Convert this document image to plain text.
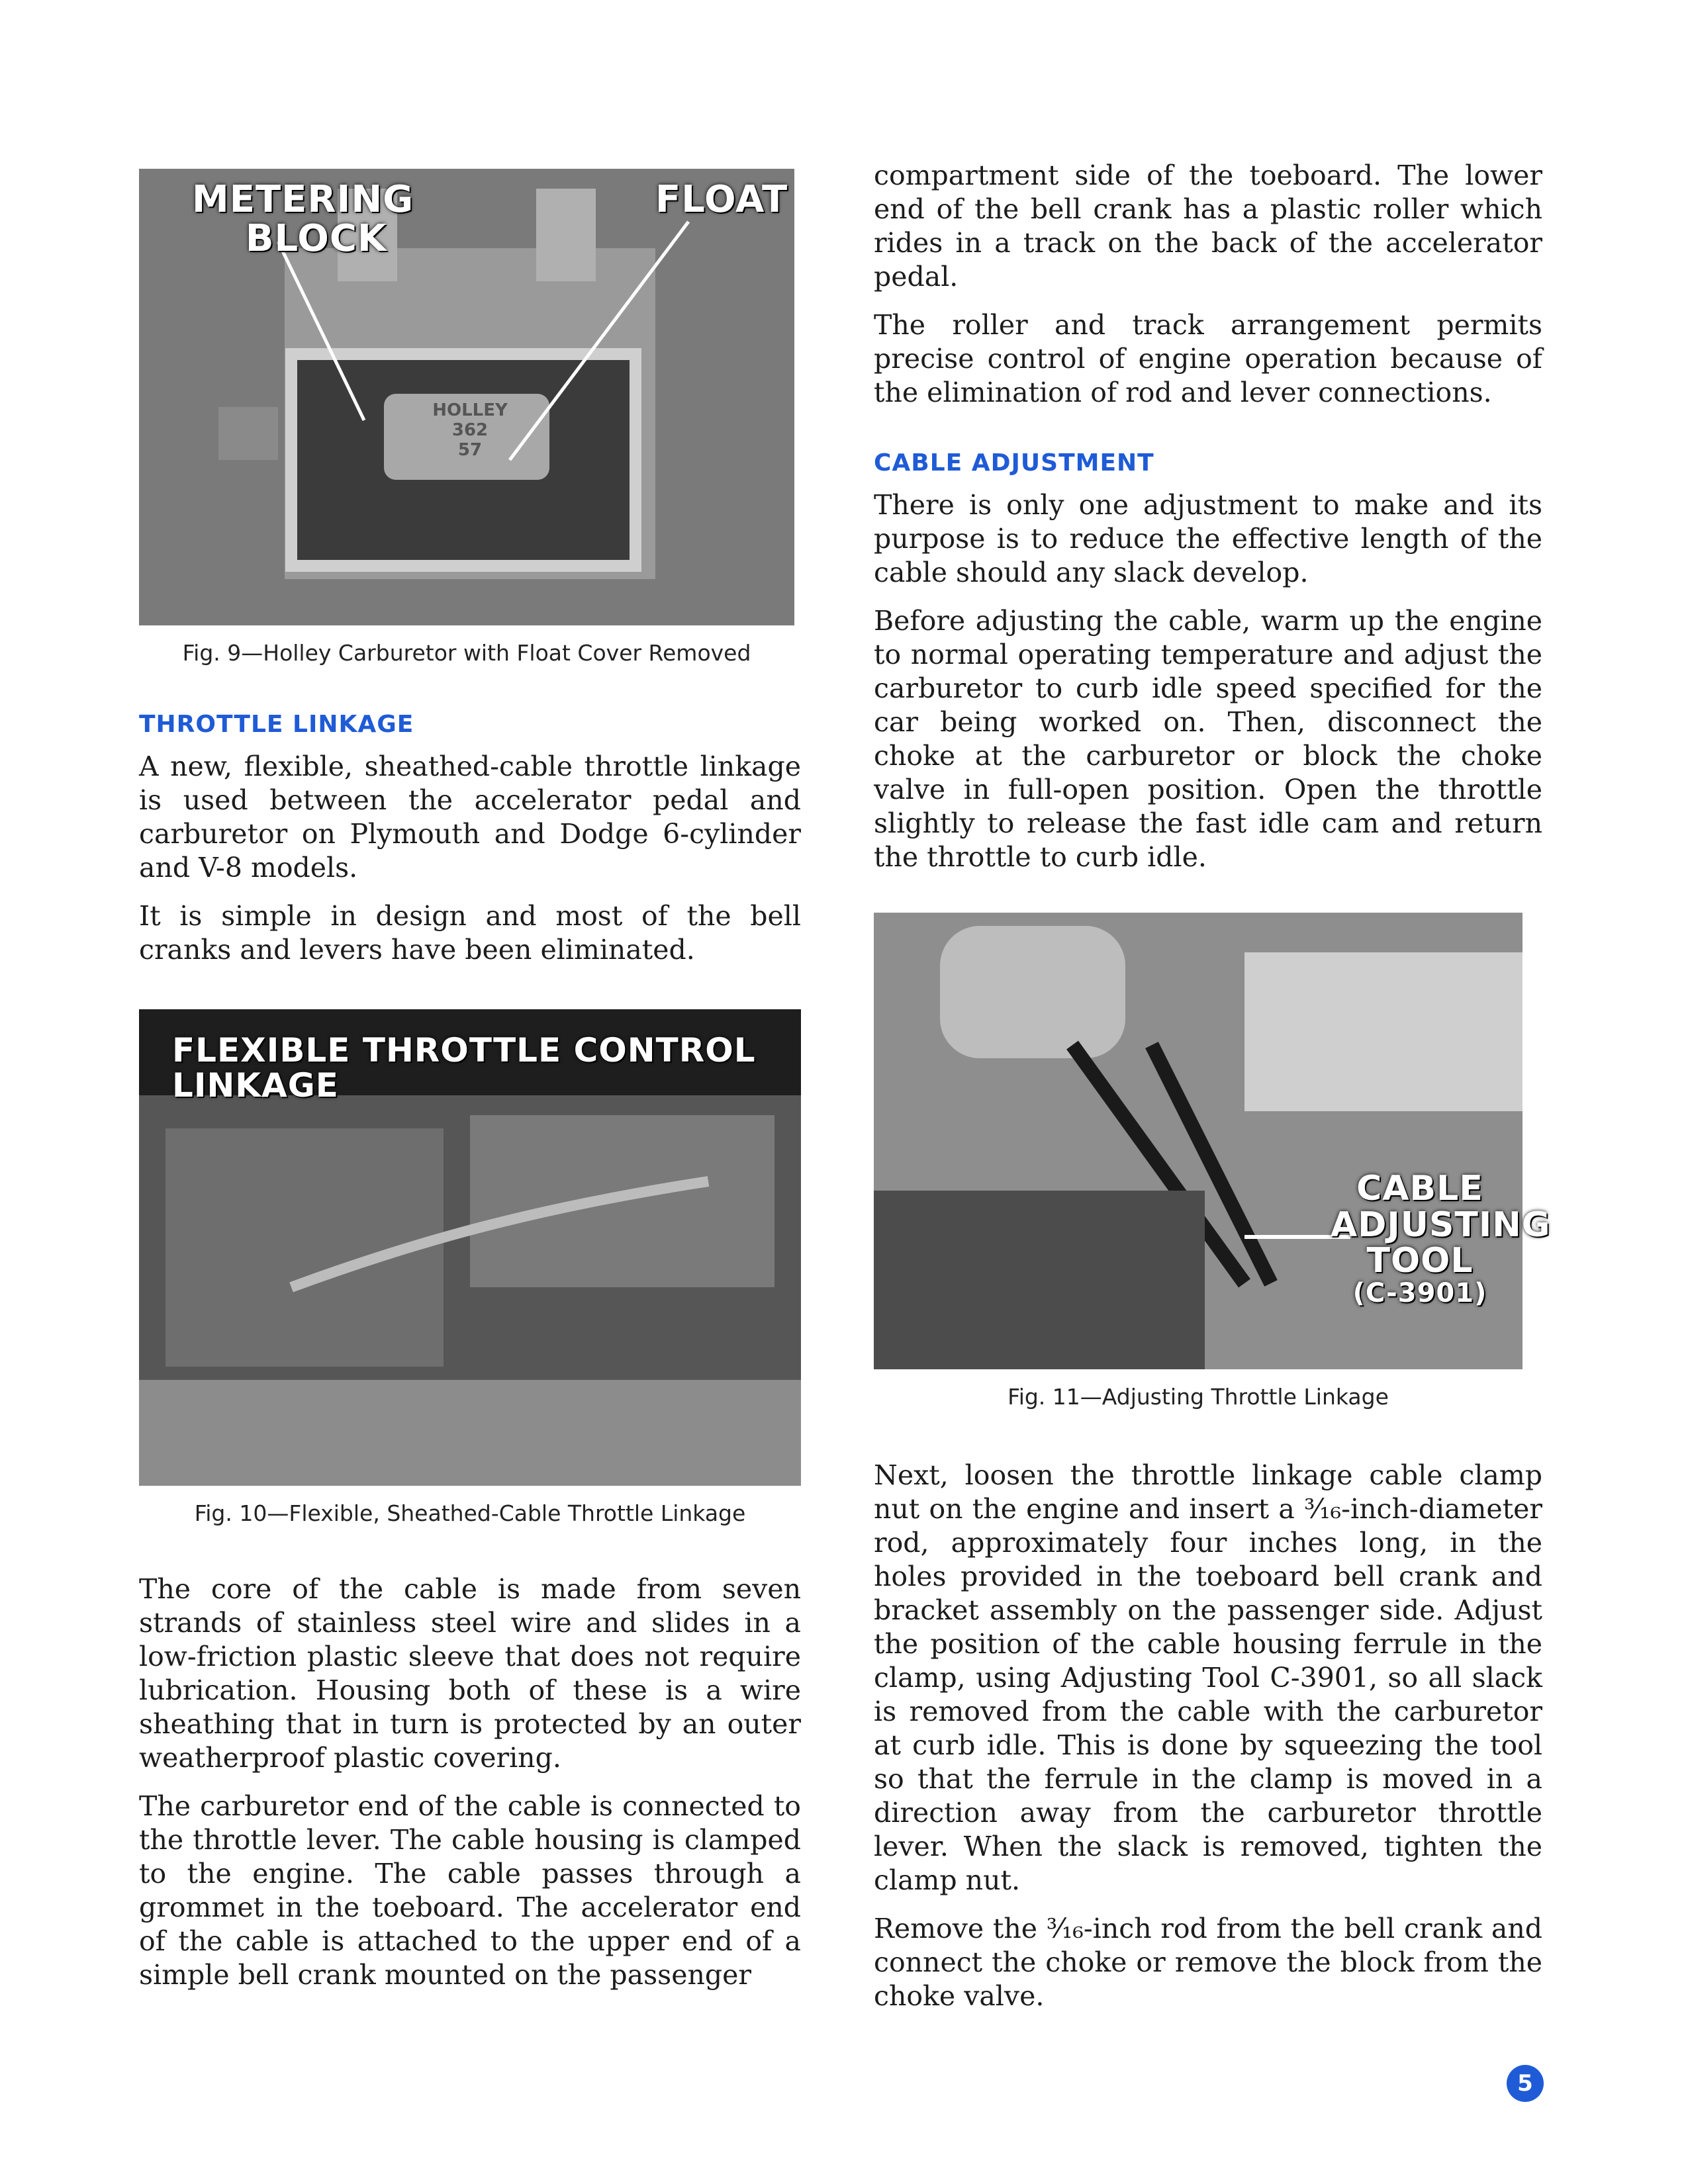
METERING
BLOCK
FLOAT
HOLLEY
362
57

Fig. 9—Holley Carburetor with Float Cover Removed

THROTTLE LINKAGE

A new, flexible, sheathed-cable throttle linkage is used between the accelerator pedal and carburetor on Plymouth and Dodge 6-cylinder and V-8 models.

It is simple in design and most of the bell cranks and levers have been eliminated.

FLEXIBLE THROTTLE CONTROL LINKAGE

Fig. 10—Flexible, Sheathed-Cable Throttle Linkage

The core of the cable is made from seven strands of stainless steel wire and slides in a low-friction plastic sleeve that does not require lubrication. Housing both of these is a wire sheathing that in turn is protected by an outer weatherproof plastic covering.

The carburetor end of the cable is connected to the throttle lever. The cable housing is clamped to the engine. The cable passes through a grommet in the toeboard. The accelerator end of the cable is attached to the upper end of a simple bell crank mounted on the passenger

compartment side of the toeboard. The lower end of the bell crank has a plastic roller which rides in a track on the back of the accelerator pedal.

The roller and track arrangement permits precise control of engine operation because of the elimination of rod and lever connections.

CABLE ADJUSTMENT

There is only one adjustment to make and its purpose is to reduce the effective length of the cable should any slack develop.

Before adjusting the cable, warm up the engine to normal operating temperature and adjust the carburetor to curb idle speed specified for the car being worked on. Then, disconnect the choke at the carburetor or block the choke valve in full-open position. Open the throttle slightly to release the fast idle cam and return the throttle to curb idle.

CABLE
ADJUSTING
TOOL
(C-3901)

Fig. 11—Adjusting Throttle Linkage

Next, loosen the throttle linkage cable clamp nut on the engine and insert a ³⁄₁₆-inch-diameter rod, approximately four inches long, in the holes provided in the toeboard bell crank and bracket assembly on the passenger side. Adjust the position of the cable housing ferrule in the clamp, using Adjusting Tool C-3901, so all slack is removed from the cable with the carburetor at curb idle. This is done by squeezing the tool so that the ferrule in the clamp is moved in a direction away from the carburetor throttle lever. When the slack is removed, tighten the clamp nut.

Remove the ³⁄₁₆-inch rod from the bell crank and connect the choke or remove the block from the choke valve.

5
